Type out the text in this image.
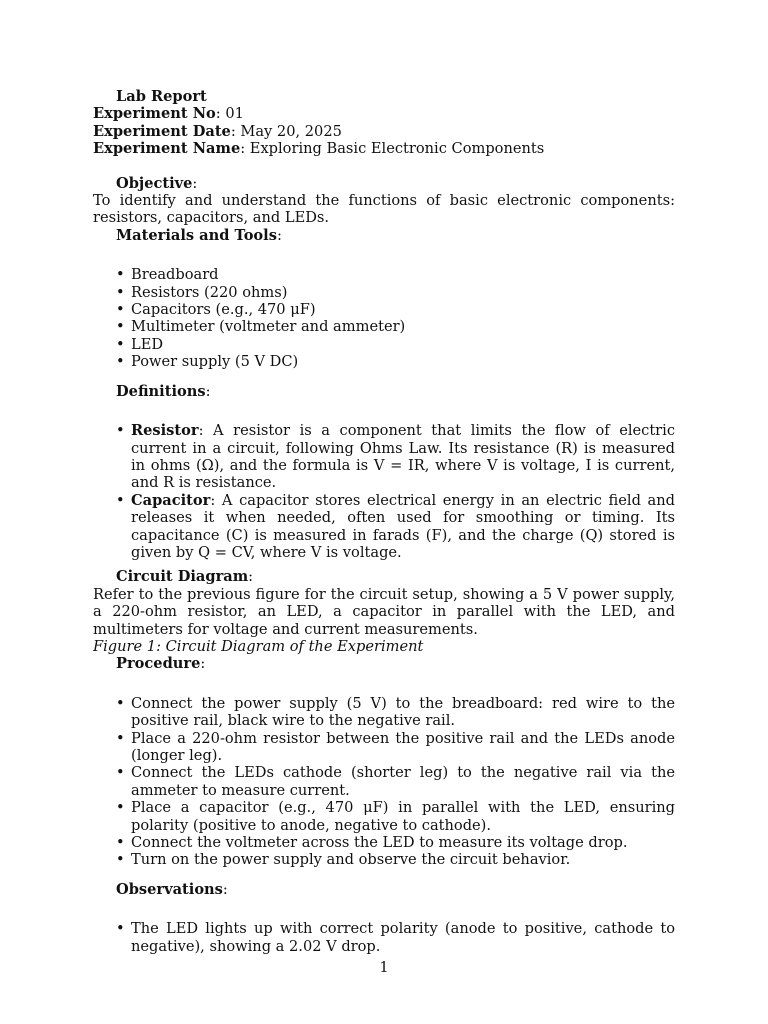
Lab Report
Experiment No: 01
Experiment Date: May 20, 2025
Experiment Name: Exploring Basic Electronic Components
Objective:

To identify and understand the functions of basic electronic components: resistors, capacitors, and LEDs.

Materials and Tools:
• Breadboard
• Resistors (220 ohms)
• Capacitors (e.g., 470 μF)
• Multimeter (voltmeter and ammeter)
• LED
• Power supply (5 V DC)
Definitions:
• Resistor: A resistor is a component that limits the flow of electric current in a circuit, following Ohms Law. Its resistance (R) is measured in ohms (Ω), and the formula is V = IR, where V is voltage, I is current, and R is resistance.
• Capacitor: A capacitor stores electrical energy in an electric field and releases it when needed, often used for smoothing or timing. Its capacitance (C) is measured in farads (F), and the charge (Q) stored is given by Q = CV, where V is voltage.
Circuit Diagram:

Refer to the previous figure for the circuit setup, showing a 5 V power supply, a 220-ohm resistor, an LED, a capacitor in parallel with the LED, and multimeters for voltage and current measurements.

Figure 1: Circuit Diagram of the Experiment
Procedure:
• Connect the power supply (5 V) to the breadboard: red wire to the positive rail, black wire to the negative rail.
• Place a 220-ohm resistor between the positive rail and the LEDs anode (longer leg).
• Connect the LEDs cathode (shorter leg) to the negative rail via the ammeter to measure current.
• Place a capacitor (e.g., 470 μF) in parallel with the LED, ensuring polarity (positive to anode, negative to cathode).
• Connect the voltmeter across the LED to measure its voltage drop.
• Turn on the power supply and observe the circuit behavior.
Observations:
• The LED lights up with correct polarity (anode to positive, cathode to negative), showing a 2.02 V drop.
1
